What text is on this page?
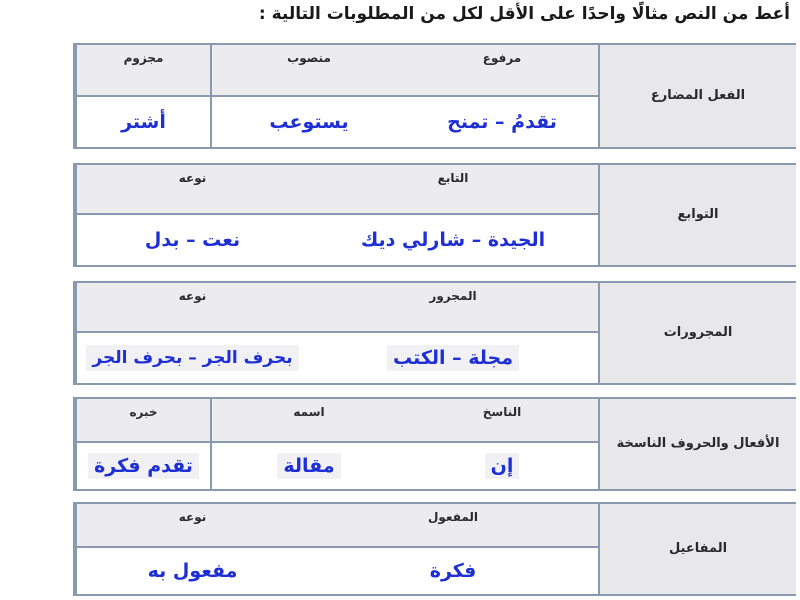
أعط من النص مثالًا واحدًا على الأقل لكل من المطلوبات التالية :
الفعل المضارع
مرفوع
منصوب
مجزوم
تقدمُ – تمنح
يستوعب
أشتر
التوابع
التابع
نوعه
الجيدة – شارلي ديك
نعت – بدل
المجرورات
المجرور
نوعه
مجلة – الكتب
بحرف الجر – بحرف الجر
الأفعال والحروف الناسخة
الناسخ
اسمه
خبره
إن
مقالة
تقدم فكرة
المفاعيل
المفعول
نوعه
فكرة
مفعول به
